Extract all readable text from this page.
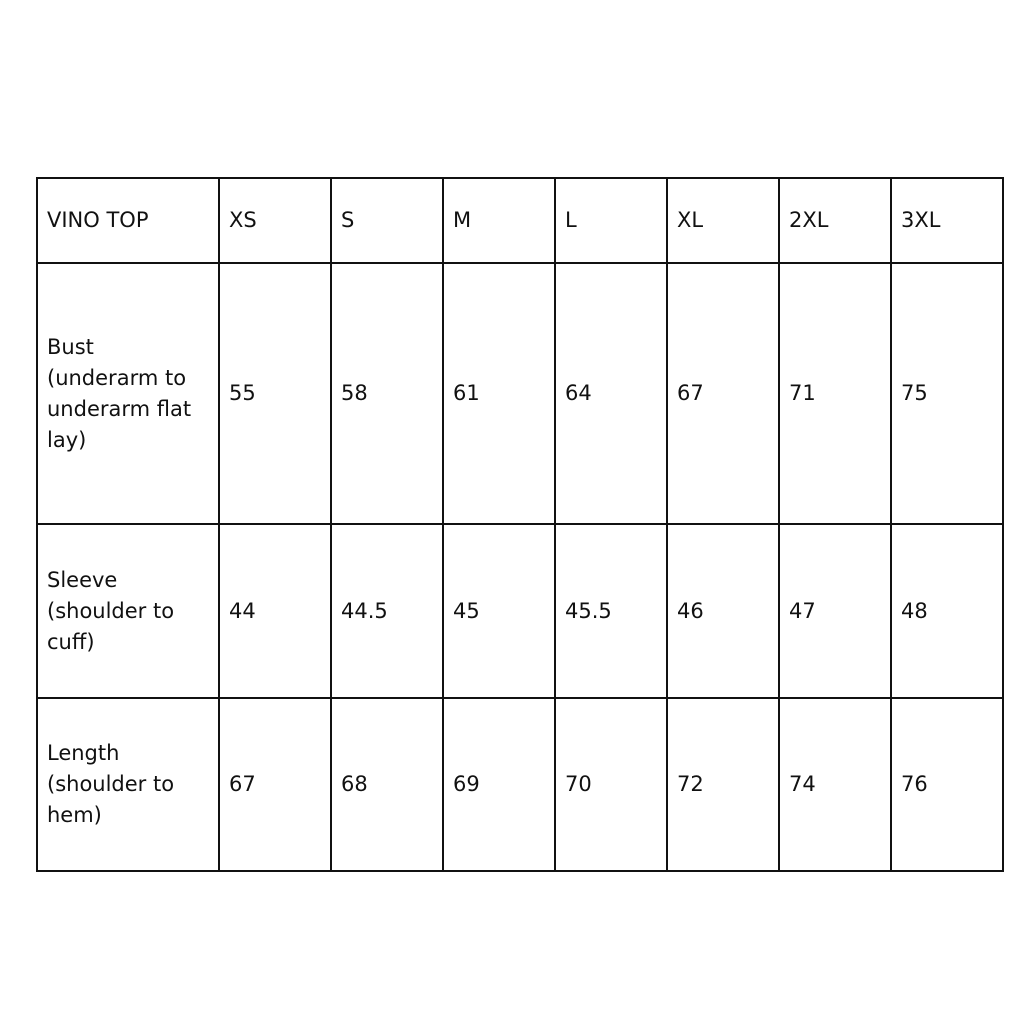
VINO TOP	XS	S	M	L	XL	2XL	3XL

Bust (underarm to underarm flat lay)	55	58	61	64	67	71	75

Sleeve (shoulder to cuff)	44	44.5	45	45.5	46	47	48

Length (shoulder to hem)	67	68	69	70	72	74	76
